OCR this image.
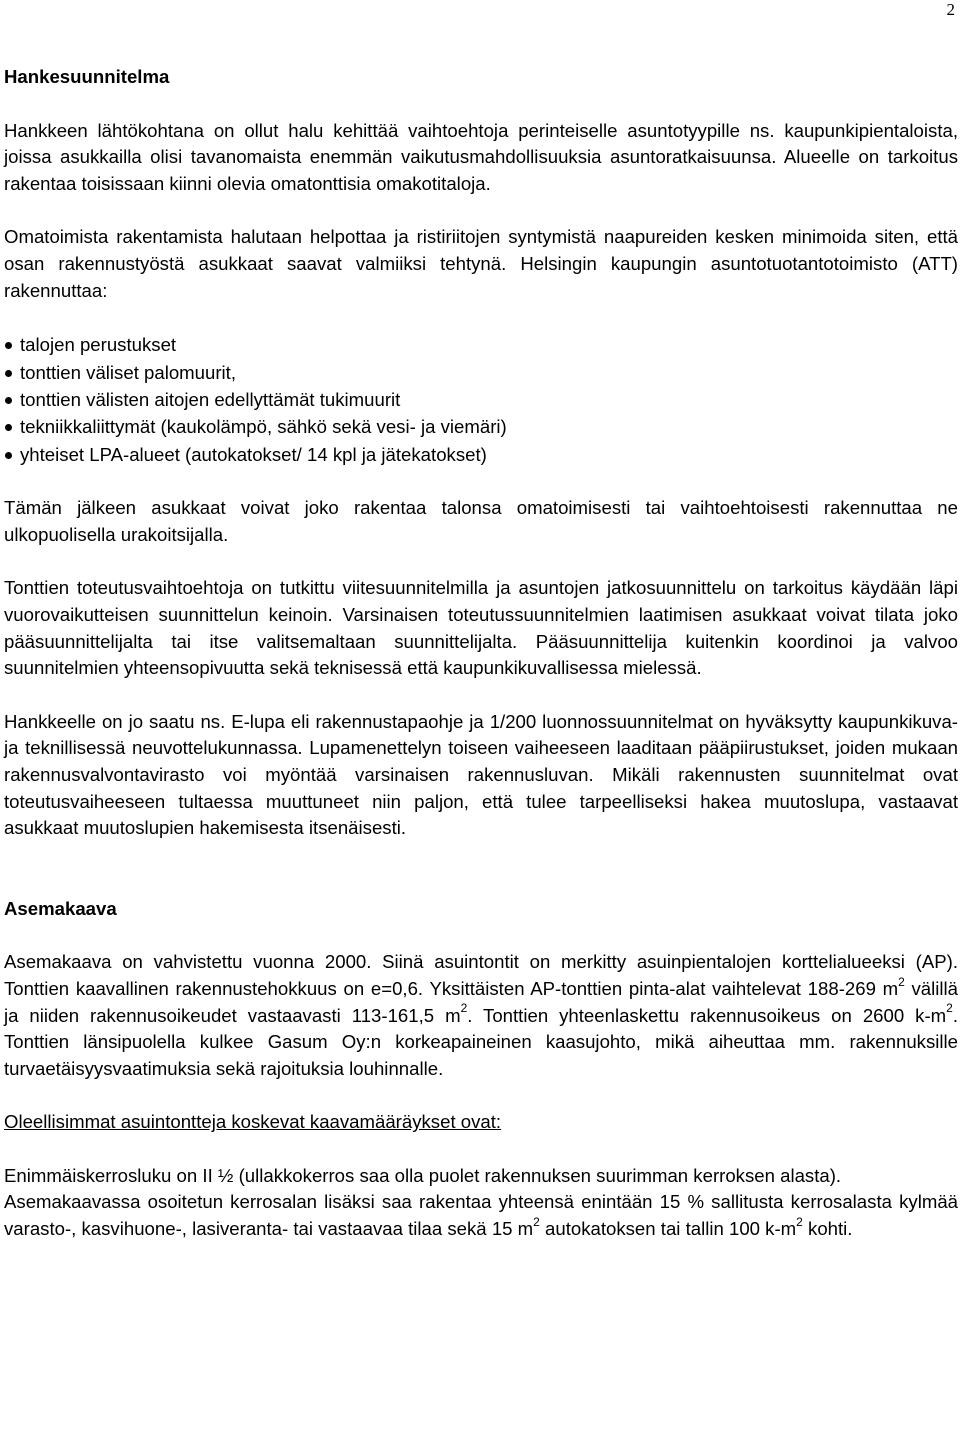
2
Hankesuunnitelma

Hankkeen lähtökohtana on ollut halu kehittää vaihtoehtoja perinteiselle asuntotyypille ns. kaupunkipientaloista, joissa asukkailla olisi tavanomaista enemmän vaikutusmahdollisuuksia asuntoratkaisuunsa. Alueelle on tarkoitus rakentaa toisissaan kiinni olevia omatonttisia omakotitaloja.

Omatoimista rakentamista halutaan helpottaa ja ristiriitojen syntymistä naapureiden kesken minimoida siten, että osan rakennustyöstä asukkaat saavat valmiiksi tehtynä. Helsingin kaupungin asuntotuotantotoimisto (ATT) rakennuttaa:

talojen perustukset
tonttien väliset palomuurit,
tonttien välisten aitojen edellyttämät tukimuurit
tekniikkaliittymät (kaukolämpö, sähkö sekä vesi- ja viemäri)
yhteiset LPA-alueet (autokatokset/ 14 kpl ja jätekatokset)

Tämän jälkeen asukkaat voivat joko rakentaa talonsa omatoimisesti tai vaihtoehtoisesti rakennuttaa ne ulkopuolisella urakoitsijalla.

Tonttien toteutusvaihtoehtoja on tutkittu viitesuunnitelmilla ja asuntojen jatkosuunnittelu on tarkoitus käydään läpi vuorovaikutteisen suunnittelun keinoin. Varsinaisen toteutussuunnitelmien laatimisen asukkaat voivat tilata joko pääsuunnittelijalta tai itse valitsemaltaan suunnittelijalta. Pääsuunnittelija kuitenkin koordinoi ja valvoo suunnitelmien yhteensopivuutta sekä teknisessä että kaupunkikuvallisessa mielessä.

Hankkeelle on jo saatu ns. E-lupa eli rakennustapaohje ja 1/200 luonnossuunnitelmat on hyväksytty kaupunkikuva- ja teknillisessä neuvottelukunnassa. Lupamenettelyn toiseen vaiheeseen laaditaan pääpiirustukset, joiden mukaan rakennusvalvontavirasto voi myöntää varsinaisen rakennusluvan. Mikäli rakennusten suunnitelmat ovat toteutusvaiheeseen tultaessa muuttuneet niin paljon, että tulee tarpeelliseksi hakea muutoslupa, vastaavat asukkaat muutoslupien hakemisesta itsenäisesti.

Asemakaava

Asemakaava on vahvistettu vuonna 2000. Siinä asuintontit on merkitty asuinpientalojen korttelialueeksi (AP). Tonttien kaavallinen rakennustehokkuus on e=0,6. Yksittäisten AP-tonttien pinta-alat vaihtelevat 188-269 $m^2$ välillä ja niiden rakennusoikeudet vastaavasti 113-161,5 $m^2$. Tonttien yhteenlaskettu rakennusoikeus on 2600 $k-m^2$. Tonttien länsipuolella kulkee Gasum Oy:n korkeapaineinen kaasujohto, mikä aiheuttaa mm. rakennuksille turvaetäisyysvaatimuksia sekä rajoituksia louhinnalle.

Oleellisimmat asuintontteja koskevat kaavamääräykset ovat:

Enimmäiskerrosluku on II ½ (ullakkokerros saa olla puolet rakennuksen suurimman kerroksen alasta).

Asemakaavassa osoitetun kerrosalan lisäksi saa rakentaa yhteensä enintään 15 % sallitusta kerrosalasta kylmää varasto-, kasvihuone-, lasiveranta- tai vastaavaa tilaa sekä 15 $m^2$ autokatoksen tai tallin 100 $k-m^2$ kohti.
